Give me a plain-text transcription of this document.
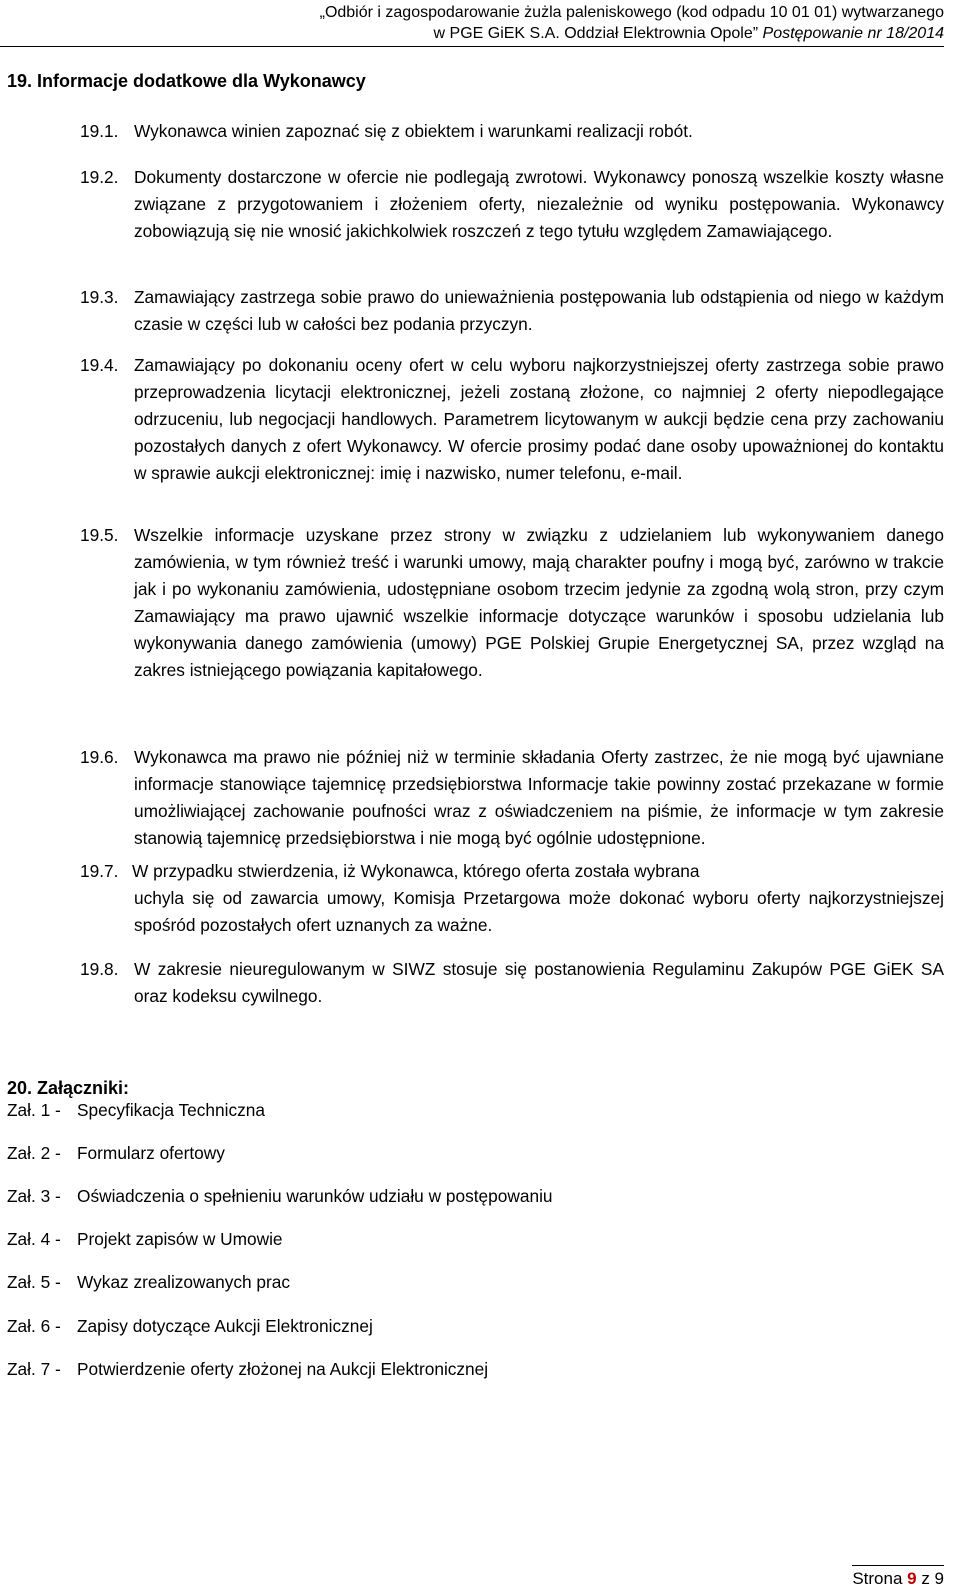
„Odbiór i zagospodarowanie żużla paleniskowego (kod odpadu 10 01 01) wytwarzanego
w PGE GiEK S.A. Oddział Elektrownia Opole” Postępowanie nr 18/2014
19. Informacje dodatkowe dla Wykonawcy
19.1. Wykonawca winien zapoznać się z obiektem i warunkami realizacji robót.
19.2. Dokumenty dostarczone w ofercie nie podlegają zwrotowi. Wykonawcy ponoszą wszelkie koszty własne związane z przygotowaniem i złożeniem oferty, niezależnie od wyniku postępowania. Wykonawcy zobowiązują się nie wnosić jakichkolwiek roszczeń z tego tytułu względem Zamawiającego.
19.3. Zamawiający zastrzega sobie prawo do unieważnienia postępowania lub odstąpienia od niego w każdym czasie w części lub w całości bez podania przyczyn.
19.4. Zamawiający po dokonaniu oceny ofert w celu wyboru najkorzystniejszej oferty zastrzega sobie prawo przeprowadzenia licytacji elektronicznej, jeżeli zostaną złożone, co najmniej 2 oferty niepodlegające odrzuceniu, lub negocjacji handlowych. Parametrem licytowanym w aukcji będzie cena przy zachowaniu pozostałych danych z ofert Wykonawcy. W ofercie prosimy podać dane osoby upoważnionej do kontaktu w sprawie aukcji elektronicznej: imię i nazwisko, numer telefonu, e-mail.
19.5. Wszelkie informacje uzyskane przez strony w związku z udzielaniem lub wykonywaniem danego zamówienia, w tym również treść i warunki umowy, mają charakter poufny i mogą być, zarówno w trakcie jak i po wykonaniu zamówienia, udostępniane osobom trzecim jedynie za zgodną wolą stron, przy czym Zamawiający ma prawo ujawnić wszelkie informacje dotyczące warunków i sposobu udzielania lub wykonywania danego zamówienia (umowy) PGE Polskiej Grupie Energetycznej SA, przez wzgląd na zakres istniejącego powiązania kapitałowego.
19.6. Wykonawca ma prawo nie później niż w terminie składania Oferty zastrzec, że nie mogą być ujawniane informacje stanowiące tajemnicę przedsiębiorstwa Informacje takie powinny zostać przekazane w formie umożliwiającej zachowanie poufności wraz z oświadczeniem na piśmie, że informacje w tym zakresie stanowią tajemnicę przedsiębiorstwa i nie mogą być ogólnie udostępnione.
19.7. W przypadku stwierdzenia, iż Wykonawca, którego oferta została wybrana
uchyla się od zawarcia umowy, Komisja Przetargowa może dokonać wyboru oferty najkorzystniejszej spośród pozostałych ofert uznanych za ważne.
19.8. W zakresie nieuregulowanym w SIWZ stosuje się postanowienia Regulaminu Zakupów PGE GiEK SA oraz kodeksu cywilnego.
20. Załączniki:
Zał. 1 - Specyfikacja Techniczna
Zał. 2 - Formularz ofertowy
Zał. 3 - Oświadczenia o spełnieniu warunków udziału w postępowaniu
Zał. 4 - Projekt zapisów w Umowie
Zał. 5 - Wykaz zrealizowanych prac
Zał. 6 - Zapisy dotyczące Aukcji Elektronicznej
Zał. 7 - Potwierdzenie oferty złożonej na Aukcji Elektronicznej
Strona 9 z 9
